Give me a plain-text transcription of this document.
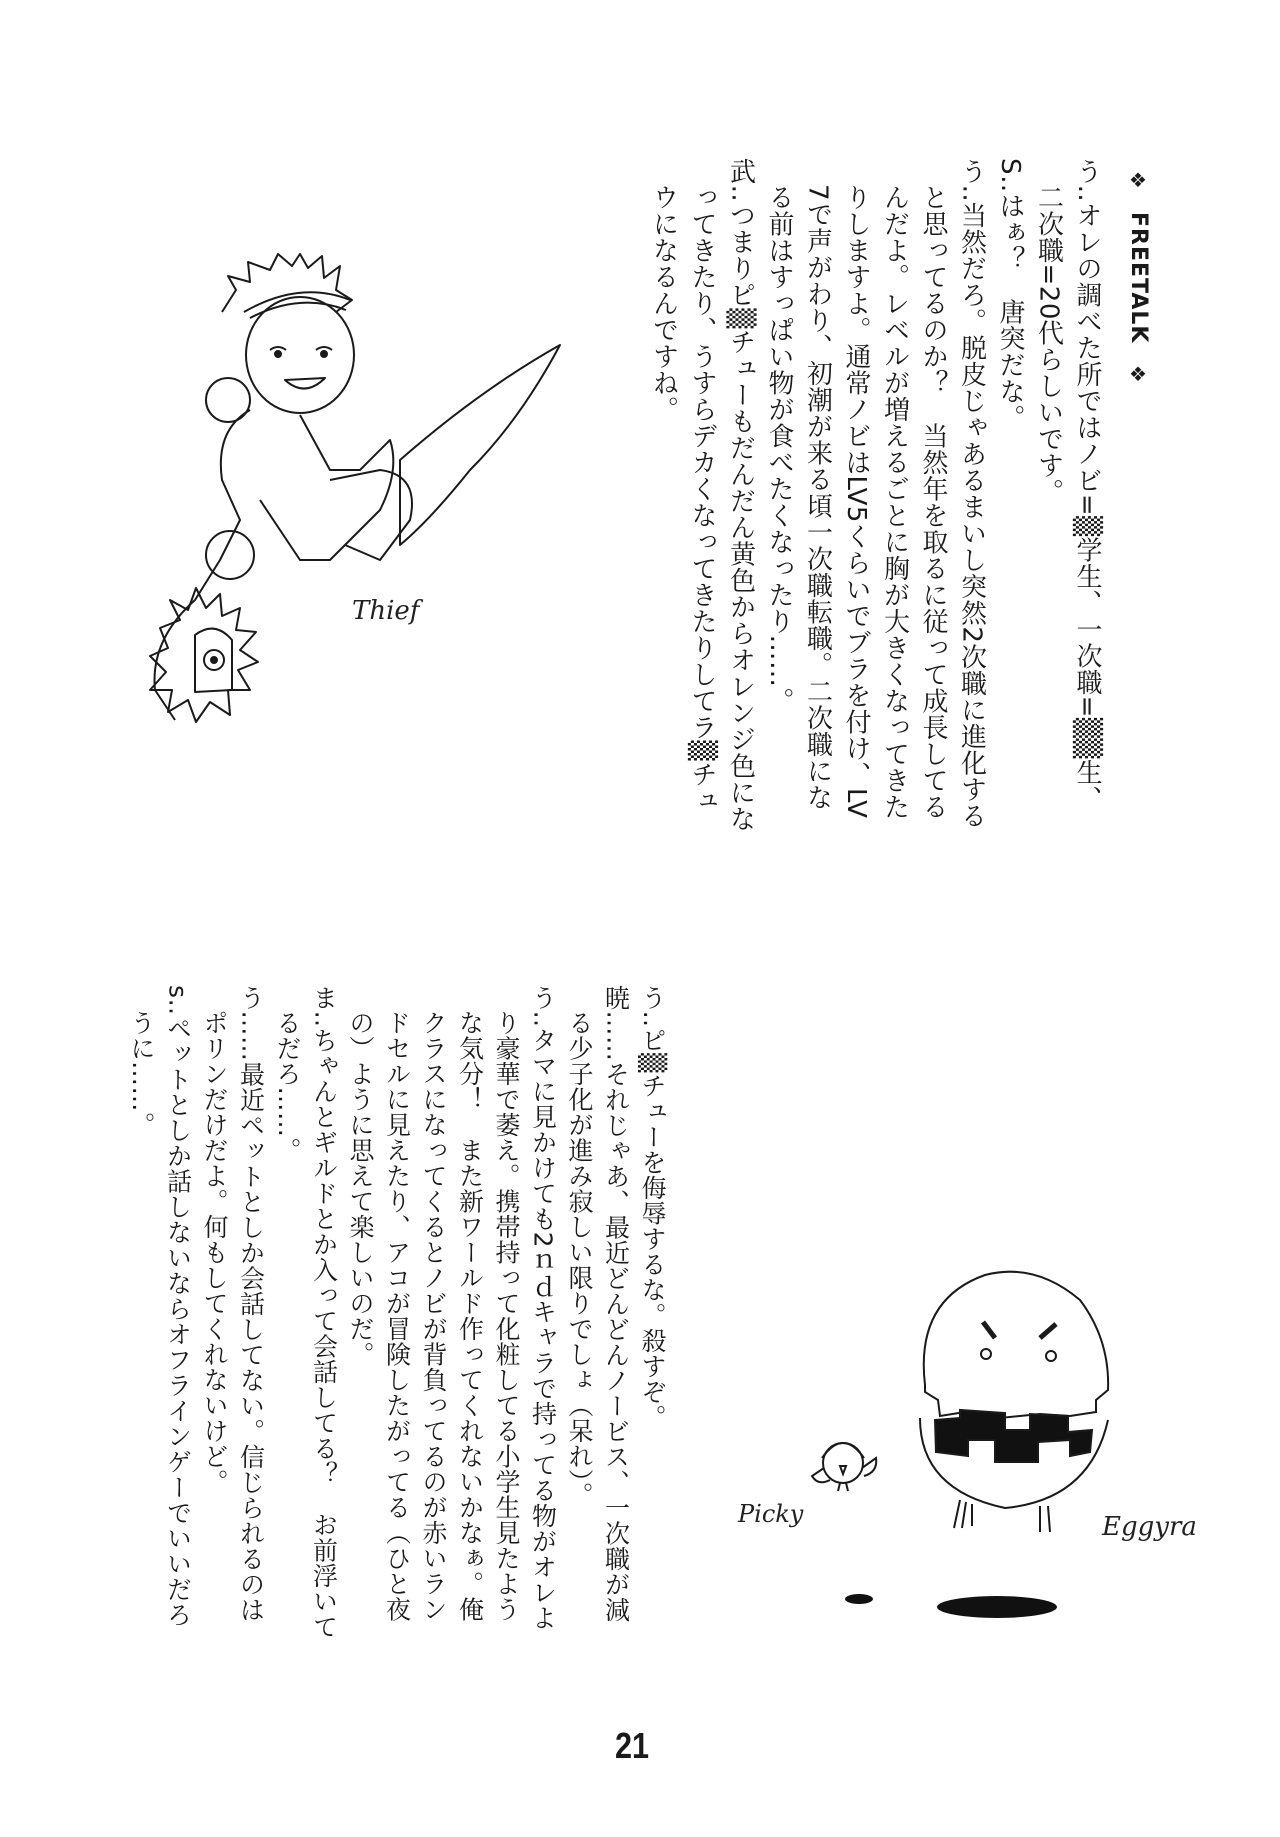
❖ FREETALK ❖
う‥オレの調べた所ではノビ=▒学生、一次職=▒▒生、
二次職=20代らしいです。
S‥はぁ？　唐突だな。
う‥当然だろ。脱皮じゃあるまいし突然2次職に進化する
と思ってるのか？　当然年を取るに従って成長してる
んだよ。レベルが増えるごとに胸が大きくなってきた
りしますよ。通常ノビはLV5くらいでブラを付け、LV
7で声がわり、初潮が来る頃一次職転職。二次職にな
る前はすっぱい物が食べたくなったり……。
武‥つまりピ▒チューもだんだん黄色からオレンジ色にな
ってきたり、うすらデカくなってきたりしてラ▒チュ
ウになるんですね。
う‥ピ▒チューを侮辱するな。殺すぞ。
暁……それじゃあ、最近どんどんノービス、一次職が減
る少子化が進み寂しい限りでしょ（呆れ）。
う‥タマに見かけても2ｎｄキャラで持ってる物がオレよ
り豪華で萎え。携帯持って化粧してる小学生見たよう
な気分！　また新ワールド作ってくれないかなぁ。俺
クラスになってくるとノビが背負ってるのが赤いラン
ドセルに見えたり、アコが冒険したがってる（ひと夜
の）ように思えて楽しいのだ。
ま‥ちゃんとギルドとか入って会話してる？　お前浮いて
るだろ……。
う……最近ペットとしか会話してない。信じられるのは
ポリンだけだよ。何もしてくれないけど。
s‥ペットとしか話しないならオフラインゲーでいいだろ
うに……。
Thief
Picky	Eggyra
21
